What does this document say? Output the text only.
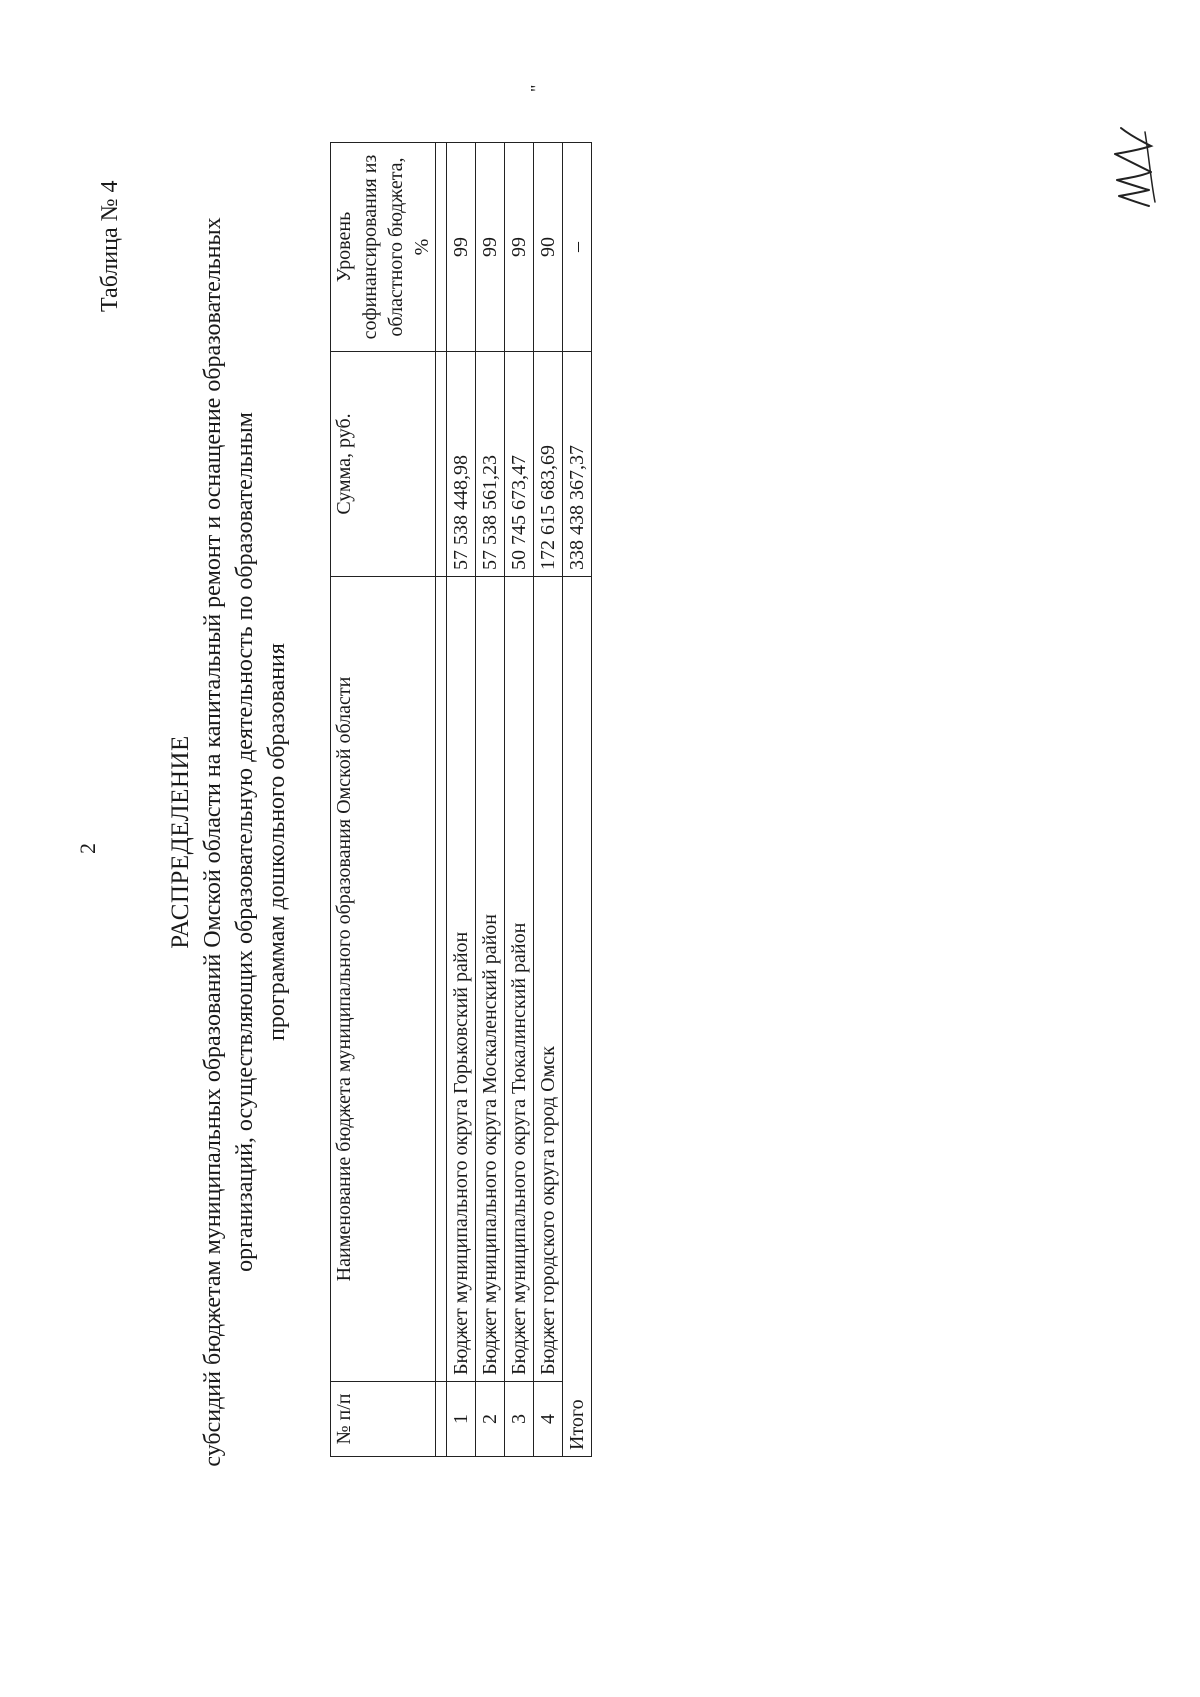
2
Таблица № 4
РАСПРЕДЕЛЕНИЕ субсидий бюджетам муниципальных образований Омской области на капитальный ремонт и оснащение образовательных организаций, осуществляющих образовательную деятельность по образовательным программам дошкольного образования
№ п/п	Наименование бюджета муниципального образования Омской области	Сумма, руб.	Уровень софинансирования из областного бюджета, %

1	Бюджет муниципального округа Горьковский район	57 538 448,98	99
2	Бюджет муниципального округа Москаленский район	57 538 561,23	99
3	Бюджет муниципального округа Тюкалинский район	50 745 673,47	99
4	Бюджет городского округа город Омск	172 615 683,69	90
Итого		338 438 367,37	–
"
